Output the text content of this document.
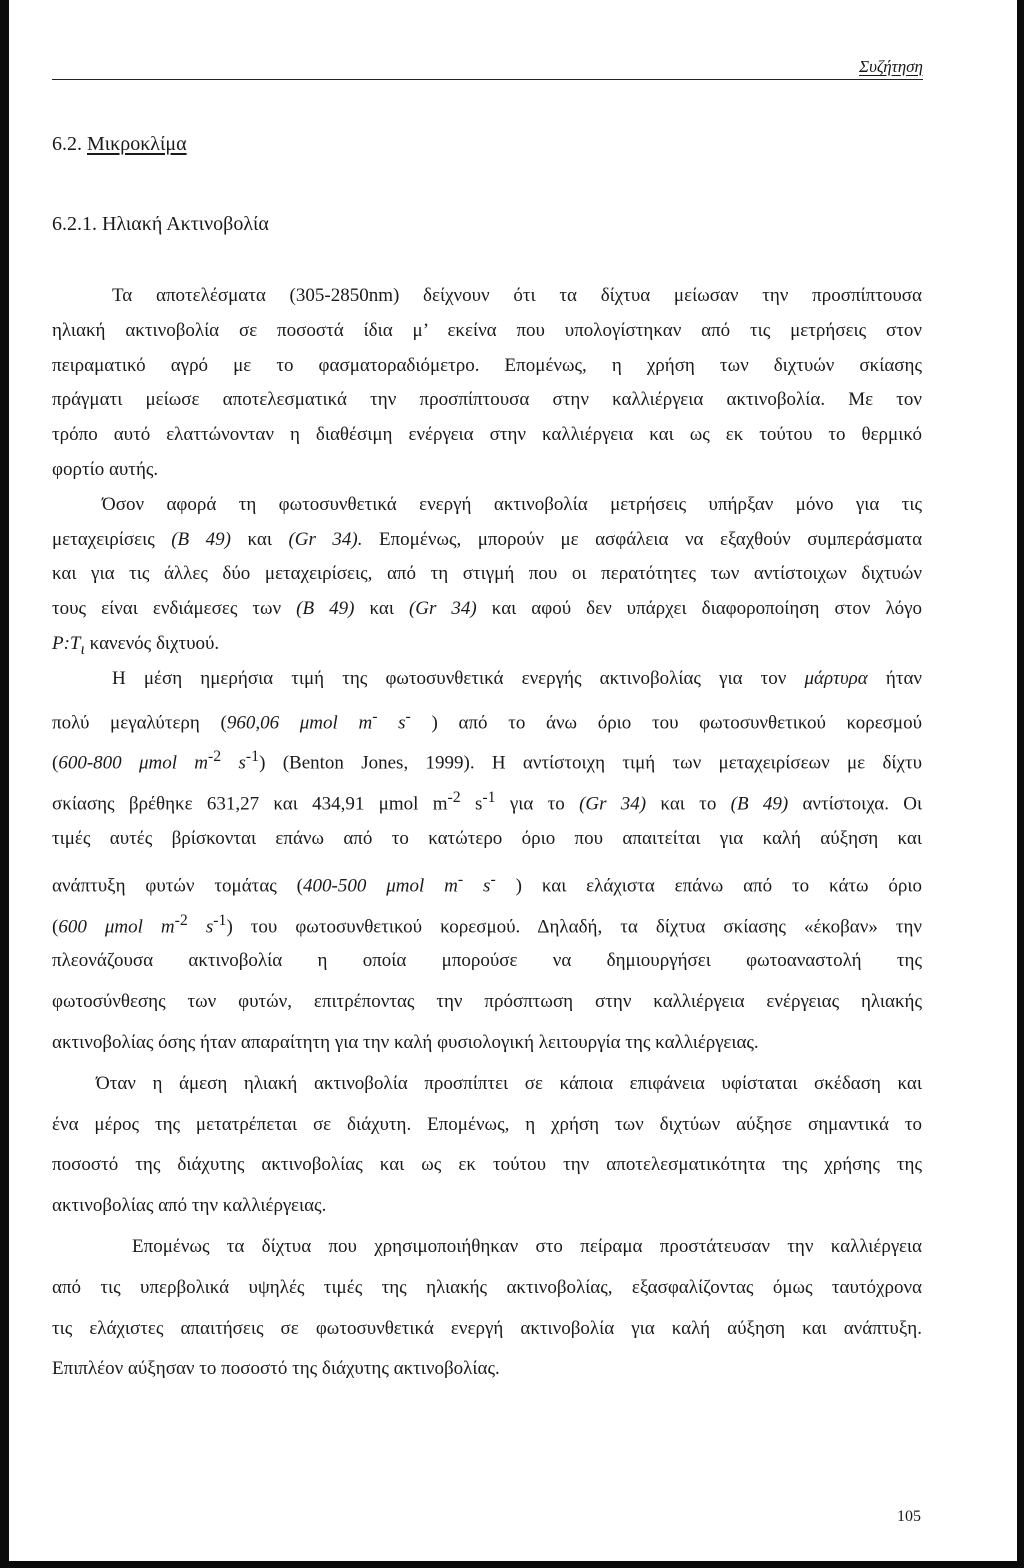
Συζήτηση
6.2. Μικροκλίμα
6.2.1. Ηλιακή Ακτινοβολία
Τα αποτελέσματα (305-2850nm) δείχνουν ότι τα δίχτυα μείωσαν την προσπίπτουσα
ηλιακή ακτινοβολία σε ποσοστά ίδια μ’ εκείνα που υπολογίστηκαν από τις μετρήσεις στον
πειραματικό αγρό με το φασματοραδιόμετρο. Επομένως, η χρήση των διχτυών σκίασης
πράγματι μείωσε αποτελεσματικά την προσπίπτουσα στην καλλιέργεια ακτινοβολία. Με τον
τρόπο αυτό ελαττώνονταν η διαθέσιμη ενέργεια στην καλλιέργεια και ως εκ τούτου το θερμικό
φορτίο αυτής.
Όσον αφορά τη φωτοσυνθετικά ενεργή ακτινοβολία μετρήσεις υπήρξαν μόνο για τις
μεταχειρίσεις (Β 49) και (Gr 34). Επομένως, μπορούν με ασφάλεια να εξαχθούν συμπεράσματα
και για τις άλλες δύο μεταχειρίσεις, από τη στιγμή που οι περατότητες των αντίστοιχων διχτυών
τους είναι ενδιάμεσες των (Β 49) και (Gr 34) και αφού δεν υπάρχει διαφοροποίηση στον λόγο
$P:T_\iota$ κανενός διχτυού.
Η μέση ημερήσια τιμή της φωτοσυνθετικά ενεργής ακτινοβολίας για τον μάρτυρα ήταν
πολύ μεγαλύτερη (960,06 μmol m- s- ) από το άνω όριο του φωτοσυνθετικού κορεσμού
(600-800 μmol $m^{-2}$ $s^{-1}$) (Benton Jones, 1999). Η αντίστοιχη τιμή των μεταχειρίσεων με δίχτυ
σκίασης βρέθηκε 631,27 και 434,91 μmol $m^{-2}$ $s^{-1}$ για το (Gr 34) και το (Β 49) αντίστοιχα. Οι
τιμές αυτές βρίσκονται επάνω από το κατώτερο όριο που απαιτείται για καλή αύξηση και
ανάπτυξη φυτών τομάτας (400-500 μmol m- s- ) και ελάχιστα επάνω από το κάτω όριο
(600 μmol $m^{-2}$ $s^{-1}$) του φωτοσυνθετικού κορεσμού. Δηλαδή, τα δίχτυα σκίασης «έκοβαν» την
πλεονάζουσα ακτινοβολία η οποία μπορούσε να δημιουργήσει φωτοαναστολή της
φωτοσύνθεσης των φυτών, επιτρέποντας την πρόσπτωση στην καλλιέργεια ενέργειας ηλιακής
ακτινοβολίας όσης ήταν απαραίτητη για την καλή φυσιολογική λειτουργία της καλλιέργειας.
Όταν η άμεση ηλιακή ακτινοβολία προσπίπτει σε κάποια επιφάνεια υφίσταται σκέδαση και
ένα μέρος της μετατρέπεται σε διάχυτη. Επομένως, η χρήση των διχτύων αύξησε σημαντικά το
ποσοστό της διάχυτης ακτινοβολίας και ως εκ τούτου την αποτελεσματικότητα της χρήσης της
ακτινοβολίας από την καλλιέργειας.
Επομένως τα δίχτυα που χρησιμοποιήθηκαν στο πείραμα προστάτευσαν την καλλιέργεια
από τις υπερβολικά υψηλές τιμές της ηλιακής ακτινοβολίας, εξασφαλίζοντας όμως ταυτόχρονα
τις ελάχιστες απαιτήσεις σε φωτοσυνθετικά ενεργή ακτινοβολία για καλή αύξηση και ανάπτυξη.
Επιπλέον αύξησαν το ποσοστό της διάχυτης ακτινοβολίας.
105
